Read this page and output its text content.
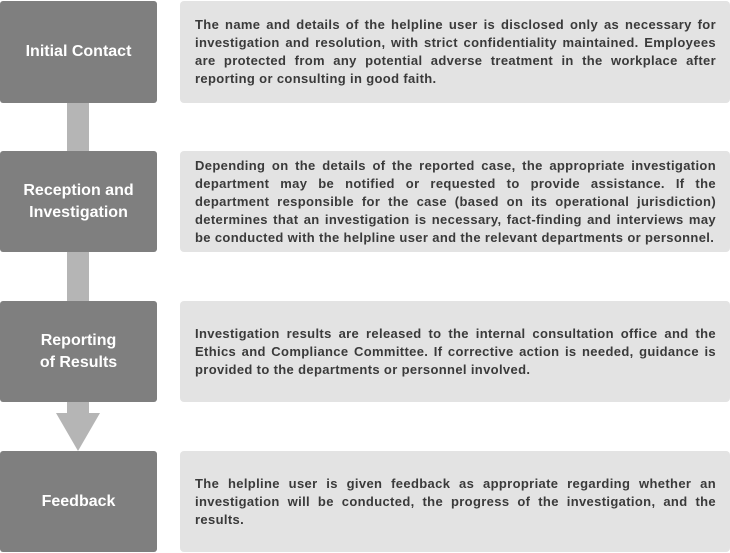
Initial Contact
The name and details of the helpline user is disclosed only as necessary for investigation and resolution, with strict confidentiality maintained. Employees are protected from any potential adverse treatment in the workplace after reporting or consulting in good faith.
Reception and Investigation
Depending on the details of the reported case, the appropriate investigation department may be notified or requested to provide assistance. If the department responsible for the case (based on its operational jurisdiction) determines that an investigation is necessary, fact-finding and interviews may be conducted with the helpline user and the relevant departments or personnel.
Reporting of Results
Investigation results are released to the internal consultation office and the Ethics and Compliance Committee. If corrective action is needed, guidance is provided to the departments or personnel involved.
Feedback
The helpline user is given feedback as appropriate regarding whether an investigation will be conducted, the progress of the investigation, and the results.
